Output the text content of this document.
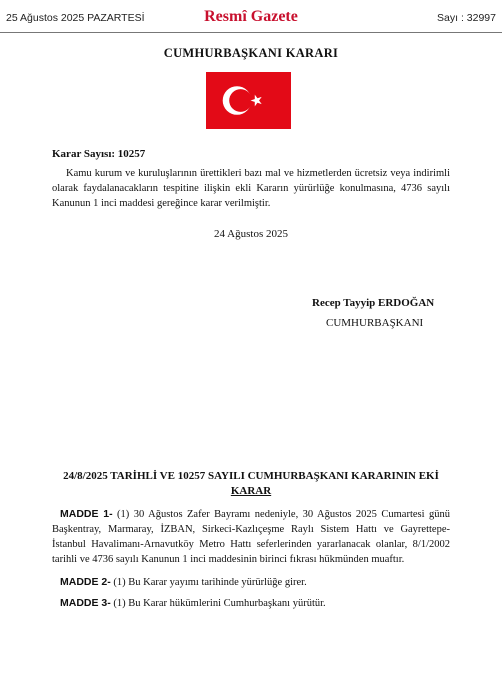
25 Ağustos 2025 PAZARTESİ	Resmî Gazete	Sayı : 32997
CUMHURBAŞKANI KARARI
Karar Sayısı: 10257
Kamu kurum ve kuruluşlarının ürettikleri bazı mal ve hizmetlerden ücretsiz veya indirimli olarak faydalanacakların tespitine ilişkin ekli Kararın yürürlüğe konulmasına, 4736 sayılı Kanunun 1 inci maddesi gereğince karar verilmiştir.
24 Ağustos 2025
Recep Tayyip ERDOĞAN
CUMHURBAŞKANI
24/8/2025 TARİHLİ VE 10257 SAYILI CUMHURBAŞKANI KARARININ EKİ
KARAR
MADDE 1- (1) 30 Ağustos Zafer Bayramı nedeniyle, 30 Ağustos 2025 Cumartesi günü Başkentray, Marmaray, İZBAN, Sirkeci-Kazlıçeşme Raylı Sistem Hattı ve Gayrettepe-İstanbul Havalimanı-Arnavutköy Metro Hattı seferlerinden yararlanacak olanlar, 8/1/2002 tarihli ve 4736 sayılı Kanunun 1 inci maddesinin birinci fıkrası hükmünden muaftır.
MADDE 2- (1) Bu Karar yayımı tarihinde yürürlüğe girer.
MADDE 3- (1) Bu Karar hükümlerini Cumhurbaşkanı yürütür.
